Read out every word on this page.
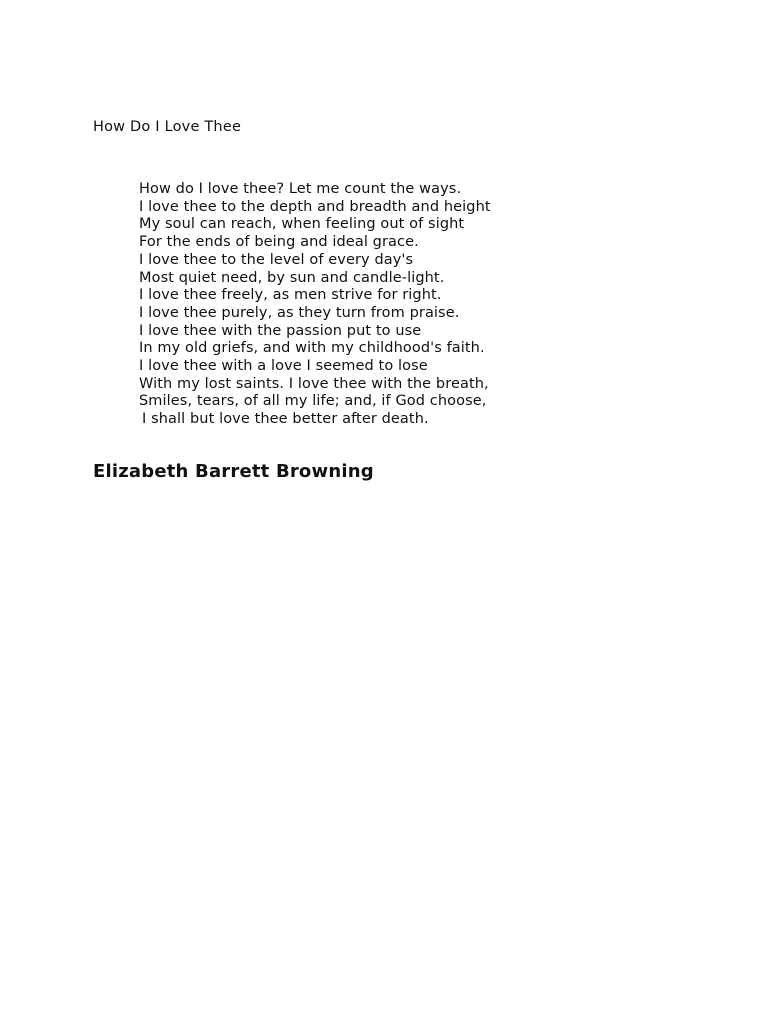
How Do I Love Thee
How do I love thee? Let me count the ways.
I love thee to the depth and breadth and height
My soul can reach, when feeling out of sight
For the ends of being and ideal grace.
I love thee to the level of every day's
Most quiet need, by sun and candle-light.
I love thee freely, as men strive for right.
I love thee purely, as they turn from praise.
I love thee with the passion put to use
In my old griefs, and with my childhood's faith.
I love thee with a love I seemed to lose
With my lost saints. I love thee with the breath,
Smiles, tears, of all my life; and, if God choose,
I shall but love thee better after death.
Elizabeth Barrett Browning
